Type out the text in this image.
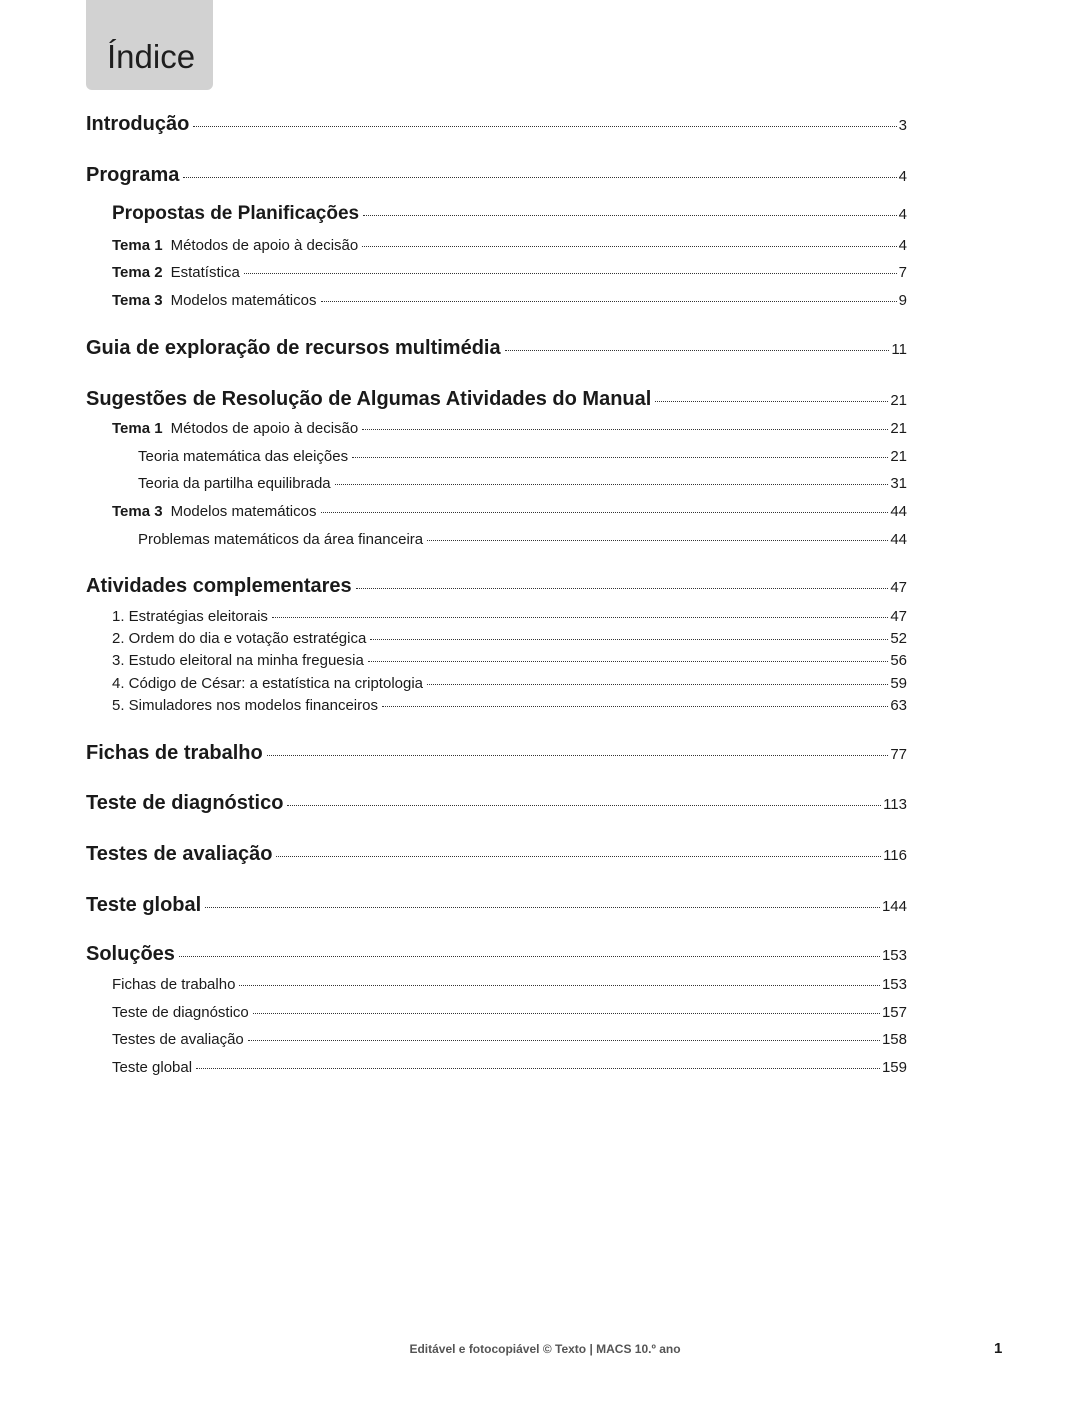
Índice
Introdução	3
Programa	4
Propostas de Planificações	4
Tema 1 Métodos de apoio à decisão	4
Tema 2 Estatística	7
Tema 3 Modelos matemáticos	9
Guia de exploração de recursos multimédia	11
Sugestões de Resolução de Algumas Atividades do Manual	21
Tema 1 Métodos de apoio à decisão	21
Teoria matemática das eleições	21
Teoria da partilha equilibrada	31
Tema 3 Modelos matemáticos	44
Problemas matemáticos da área financeira	44
Atividades complementares	47
1. Estratégias eleitorais	47
2. Ordem do dia e votação estratégica	52
3. Estudo eleitoral na minha freguesia	56
4. Código de César: a estatística na criptologia	59
5. Simuladores nos modelos financeiros	63
Fichas de trabalho	77
Teste de diagnóstico	113
Testes de avaliação	116
Teste global	144
Soluções	153
Fichas de trabalho	153
Teste de diagnóstico	157
Testes de avaliação	158
Teste global	159
Editável e fotocopiável © Texto | MACS 10.º ano	1
